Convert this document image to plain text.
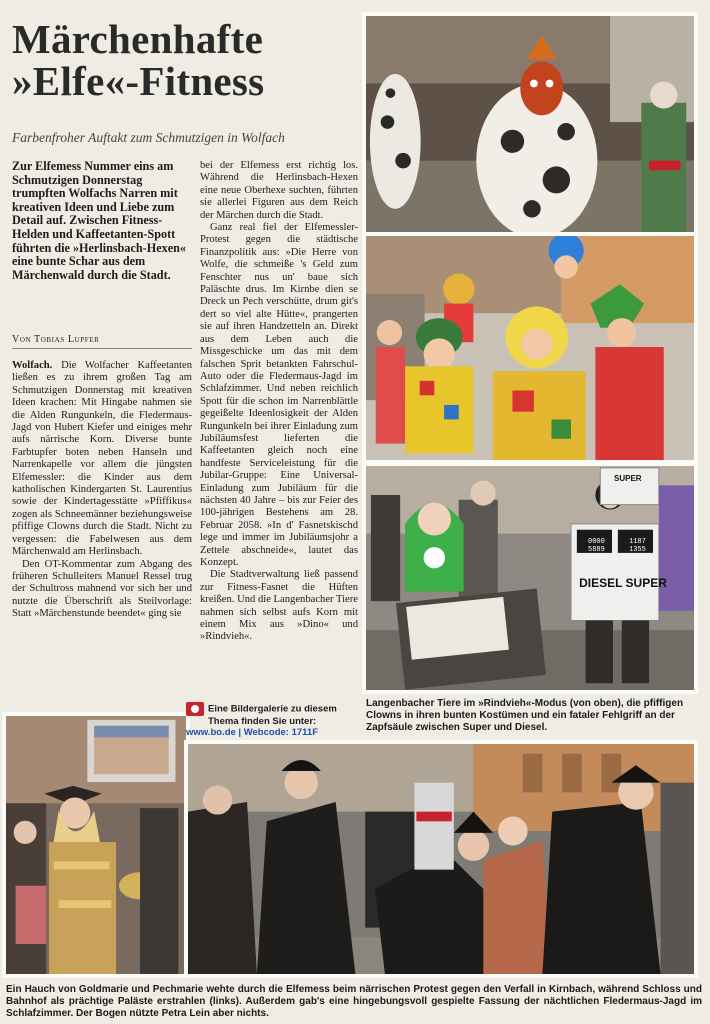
Märchenhafte
»Elfe«-Fitness

Farbenfroher Auftakt zum Schmutzigen in Wolfach

Zur Elfemess Nummer eins am Schmutzigen Donnerstag trumpften Wolfachs Narren mit kreativen Ideen und Liebe zum Detail auf. Zwischen Fitness-Helden und Kaffeetanten-Spott führten die »Herlinsbach-Hexen« eine bunte Schar aus dem Märchenwald durch die Stadt.
Von Tobias Lupfer

Wolfach. Die Wolfacher Kaffeetanten ließen es zu ihrem großen Tag am Schmutzigen Donnerstag mit kreativen Ideen krachen: Mit Hingabe nahmen sie die Alden Rungunkeln, die Fledermaus-Jagd von Hubert Kiefer und einiges mehr aufs närrische Korn. Diverse bunte Farbtupfer boten neben Hanseln und Narrenkapelle vor allem die jüngsten Elfemessler: die Kinder aus dem katholischen Kindergarten St. Laurentius sowie der Kindertagesstätte »Pfiffikus« zogen als Schneemänner beziehungsweise pfiffige Clowns durch die Stadt. Nicht zu vergessen: die Fabelwesen aus dem Märchenwald am Herlinsbach.

Den OT-Kommentar zum Abgang des früheren Schulleiters Manuel Ressel trug der Schultross mahnend vor sich her und nutzte die Überschrift als Steilvorlage: Statt »Märchenstunde beendet« ging sie

bei der Elfemess erst richtig los. Während die Herlinsbach-Hexen eine neue Oberhexe suchten, führten sie allerlei Figuren aus dem Reich der Märchen durch die Stadt.

Ganz real fiel der Elfemessler-Protest gegen die städtische Finanzpolitik aus: »Die Herre von Wolfe, die schmeiße 's Geld zum Fenschter nus un' baue sich Paläschte drus. Im Kirnbe dien se Dreck un Pech verschütte, drum git's dert so viel alte Hütte«, prangerten sie auf ihren Handzetteln an. Direkt aus dem Leben auch die Missgeschicke um das mit dem falschen Sprit betankten Fahrschul-Auto oder die Fledermaus-Jagd im Schlafzimmer. Und neben reichlich Spott für die schon im Narrenblättle gegeißelte Ideenlosigkeit der Alden Rungunkeln bei ihrer Einladung zum Jubiläumsfest lieferten die Kaffeetanten gleich noch eine handfeste Serviceleistung für die Jubilar-Gruppe: Eine Universal-Einladung zum Jubiläum für die nächsten 40 Jahre – bis zur Feier des 100-jährigen Bestehens am 28. Februar 2058. »In d' Fasnetskischd lege und immer im Jubiläumsjohr a Zettele abschneide«, lautet das Konzept.

Die Stadtverwaltung ließ passend zur Fitness-Fasnet die Hüften kreißen. Und die Langenbacher Tiere nahmen sich selbst aufs Korn mit einem Mix aus »Dino« und »Rindvieh«.

0000 5889
1187 1355
DIESEL SUPER
SUPER
Langenbacher Tiere im »Rindvieh«-Modus (von oben), die pfiffigen Clowns in ihren bunten Kostümen und ein fataler Fehlgriff an der Zapfsäule zwischen Super und Diesel.
Eine Bildergalerie zu diesem
Thema finden Sie unter:
www.bo.de | Webcode: 1711F
Ein Hauch von Goldmarie und Pechmarie wehte durch die Elfemess beim närrischen Protest gegen den Verfall in Kirnbach, während Schloss und Bahnhof als prächtige Paläste erstrahlen (links). Außerdem gab's eine hingebungsvoll gespielte Fassung der nächtlichen Fledermaus-Jagd im Schlafzimmer. Der Bogen nützte Petra Lein aber nichts.
